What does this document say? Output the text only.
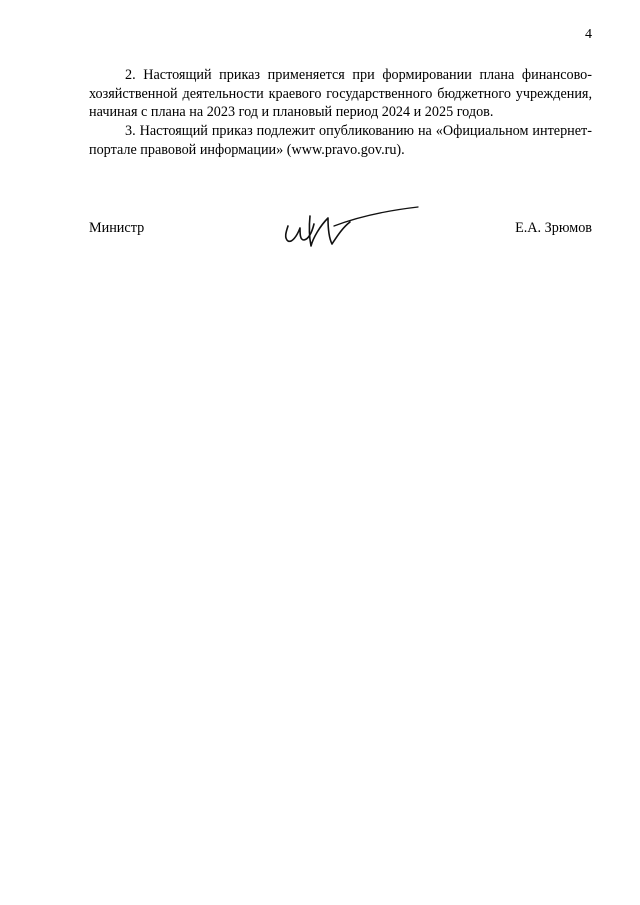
4

2. Настоящий приказ применяется при формировании плана финансово-хозяйственной деятельности краевого государственного бюджетного учреждения, начиная с плана на 2023 год и плановый период 2024 и 2025 годов.

3. Настоящий приказ подлежит опубликованию на «Официальном интернет-портале правовой информации» (www.pravo.gov.ru).

Министр	Е.А. Зрюмов
